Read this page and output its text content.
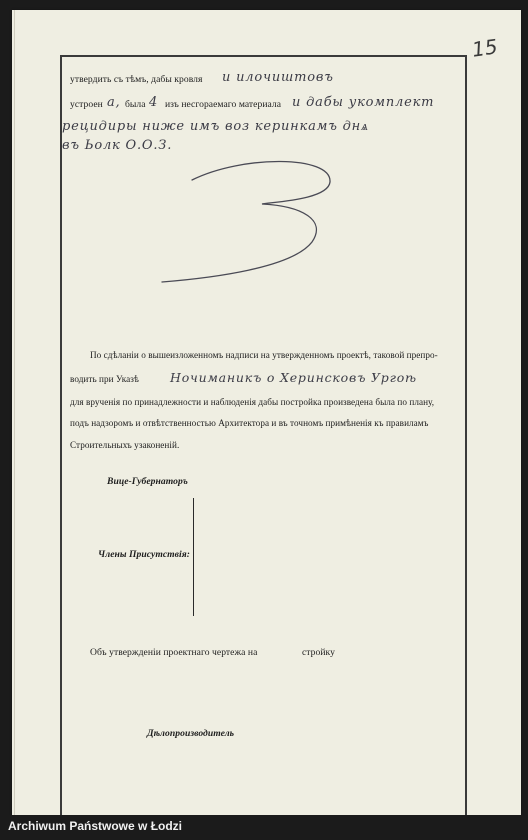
15
утвердить съ тѣмъ, дабы кровля и илочиштовъ
устроен а, была 4 изъ несгораемаго материала и дабы укомплект
рецидиры ниже имъ воз керинкамъ днѧ
въ Ьолк О.О.З.
По сдѣланіи о вышеизложенномъ надписи на утвержденномъ проектѣ, таковой препро-
водить при Указѣ Ночиманикъ о Херинсковъ Ургоѣ
для врученія по принадлежности и наблюденія дабы постройка произведена была по плану,
подъ надзоромъ и отвѣтственностью Архитектора и въ точномъ примѣненія къ правиламъ
Строительныхъ узаконеній.
Вице-Губернаторъ
Члены Присутствія:
Объ утвержденіи проектнаго чертежа на	стройку
Дѣлопроизводитель
Archiwum Państwowe w Łodzi
